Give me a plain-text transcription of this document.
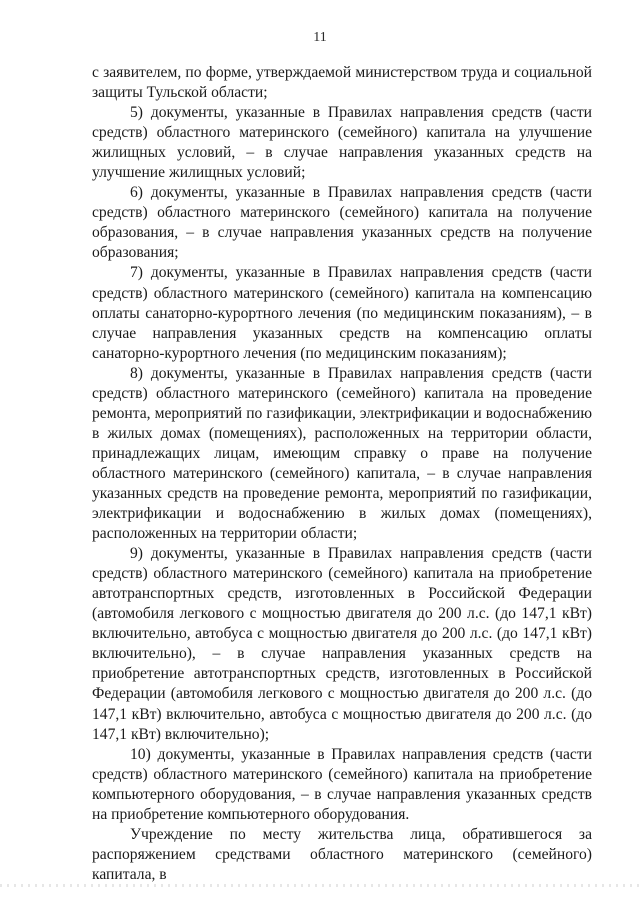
11

с заявителем, по форме, утверждаемой министерством труда и социальной защиты Тульской области;

5) документы, указанные в Правилах направления средств (части средств) областного материнского (семейного) капитала на улучшение жилищных условий, – в случае направления указанных средств на улучшение жилищных условий;

6) документы, указанные в Правилах направления средств (части средств) областного материнского (семейного) капитала на получение образования, – в случае направления указанных средств на получение образования;

7) документы, указанные в Правилах направления средств (части средств) областного материнского (семейного) капитала на компенсацию оплаты санаторно-курортного лечения (по медицинским показаниям), – в случае направления указанных средств на компенсацию оплаты санаторно-курортного лечения (по медицинским показаниям);

8) документы, указанные в Правилах направления средств (части средств) областного материнского (семейного) капитала на проведение ремонта, мероприятий по газификации, электрификации и водоснабжению в жилых домах (помещениях), расположенных на территории области, принадлежащих лицам, имеющим справку о праве на получение областного материнского (семейного) капитала, – в случае направления указанных средств на проведение ремонта, мероприятий по газификации, электрификации и водоснабжению в жилых домах (помещениях), расположенных на территории области;

9) документы, указанные в Правилах направления средств (части средств) областного материнского (семейного) капитала на приобретение автотранспортных средств, изготовленных в Российской Федерации (автомобиля легкового с мощностью двигателя до 200 л.с. (до 147,1 кВт) включительно, автобуса с мощностью двигателя до 200 л.с. (до 147,1 кВт) включительно), – в случае направления указанных средств на приобретение автотранспортных средств, изготовленных в Российской Федерации (автомобиля легкового с мощностью двигателя до 200 л.с. (до 147,1 кВт) включительно, автобуса с мощностью двигателя до 200 л.с. (до 147,1 кВт) включительно);

10) документы, указанные в Правилах направления средств (части средств) областного материнского (семейного) капитала на приобретение компьютерного оборудования, – в случае направления указанных средств на приобретение компьютерного оборудования.

Учреждение по месту жительства лица, обратившегося за распоряжением средствами областного материнского (семейного) капитала, в
